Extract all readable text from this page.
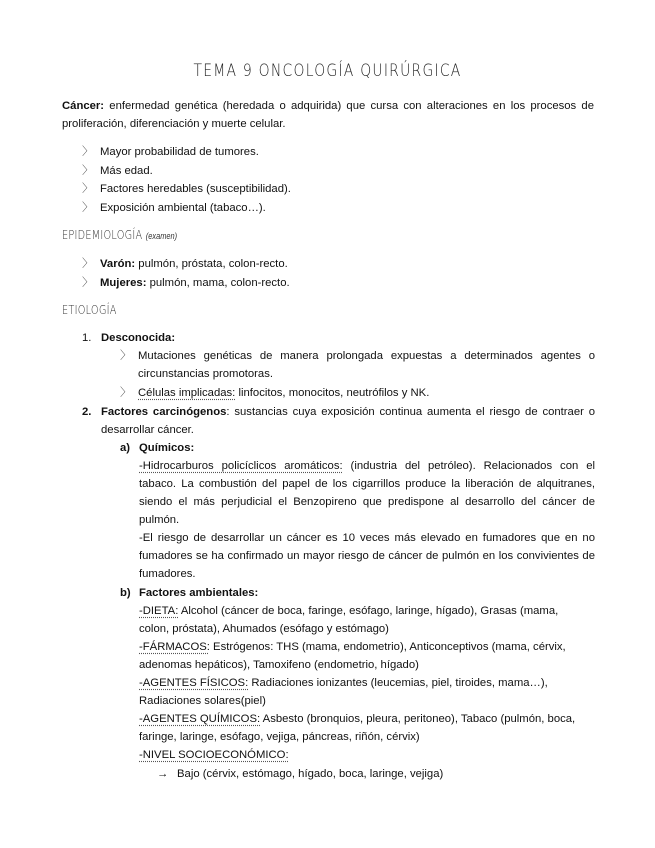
TEMA 9 ONCOLOGÍA QUIRÚRGICA
Cáncer: enfermedad genética (heredada o adquirida) que cursa con alteraciones en los procesos de proliferación, diferenciación y muerte celular.
〉 Mayor probabilidad de tumores.
〉 Más edad.
〉 Factores heredables (susceptibilidad).
〉 Exposición ambiental (tabaco…).
EPIDEMIOLOGÍA (examen)
〉 Varón: pulmón, próstata, colon-recto.
〉 Mujeres: pulmón, mama, colon-recto.
ETIOLOGÍA
1. Desconocida:
〉 Mutaciones genéticas de manera prolongada expuestas a determinados agentes o circunstancias promotoras.
〉 Células implicadas: linfocitos, monocitos, neutrófilos y NK.
2. Factores carcinógenos: sustancias cuya exposición continua aumenta el riesgo de contraer o desarrollar cáncer.
a) Químicos:
-Hidrocarburos policíclicos aromáticos: (industria del petróleo). Relacionados con el tabaco. La combustión del papel de los cigarrillos produce la liberación de alquitranes, siendo el más perjudicial el Benzopireno que predispone al desarrollo del cáncer de pulmón.
-El riesgo de desarrollar un cáncer es 10 veces más elevado en fumadores que en no fumadores se ha confirmado un mayor riesgo de cáncer de pulmón en los convivientes de fumadores.
b) Factores ambientales:
-DIETA: Alcohol (cáncer de boca, faringe, esófago, laringe, hígado), Grasas (mama, colon, próstata), Ahumados (esófago y estómago)
-FÁRMACOS: Estrógenos: THS (mama, endometrio), Anticonceptivos (mama, cérvix, adenomas hepáticos), Tamoxifeno (endometrio, hígado)
-AGENTES FÍSICOS: Radiaciones ionizantes (leucemias, piel, tiroides, mama…), Radiaciones solares(piel)
-AGENTES QUÍMICOS: Asbesto (bronquios, pleura, peritoneo), Tabaco (pulmón, boca, faringe, laringe, esófago, vejiga, páncreas, riñón, cérvix)
-NIVEL SOCIOECONÓMICO:
→ Bajo (cérvix, estómago, hígado, boca, laringe, vejiga)
